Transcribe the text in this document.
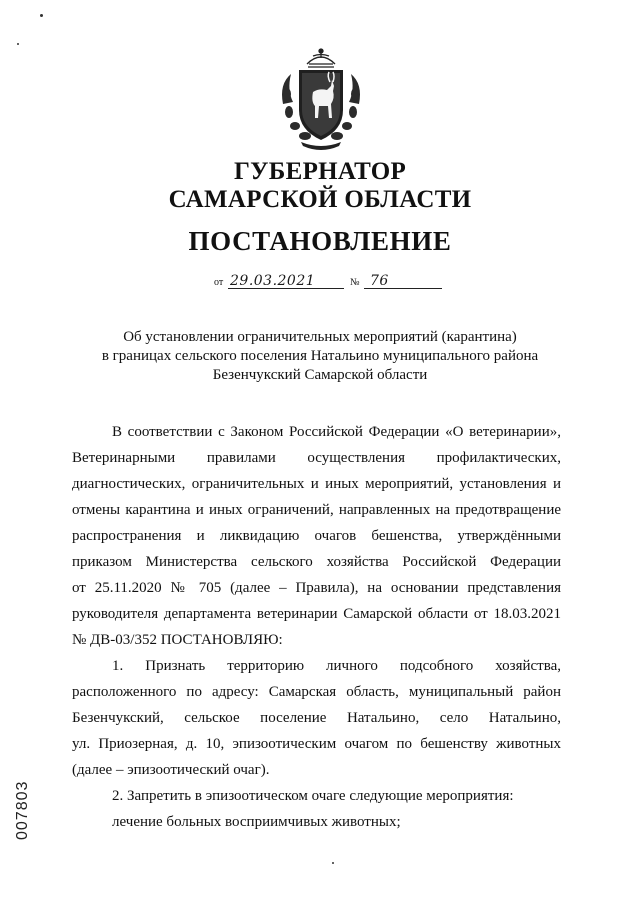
ГУБЕРНАТОР
САМАРСКОЙ ОБЛАСТИ
ПОСТАНОВЛЕНИЕ
от 29.03.2021	№ 76
Об установлении ограничительных мероприятий (карантина)
в границах сельского поселения Натальино муниципального района
Безенчукский Самарской области

В соответствии с Законом Российской Федерации «О ветеринарии»,
Ветеринарными правилами осуществления профилактических,
диагностических, ограничительных и иных мероприятий, установления и
отмены карантина и иных ограничений, направленных на предотвращение
распространения и ликвидацию очагов бешенства, утверждёнными
приказом Министерства сельского хозяйства Российской Федерации
от 25.11.2020 № 705 (далее – Правила), на основании представления
руководителя департамента ветеринарии Самарской области от 18.03.2021
№ ДВ-03/352 ПОСТАНОВЛЯЮ:

1. Признать территорию личного подсобного хозяйства,
расположенного по адресу: Самарская область, муниципальный район
Безенчукский, сельское поселение Натальино, село Натальино,
ул. Приозерная, д. 10, эпизоотическим очагом по бешенству животных
(далее – эпизоотический очаг).

2. Запретить в эпизоотическом очаге следующие мероприятия:

лечение больных восприимчивых животных;

007803
